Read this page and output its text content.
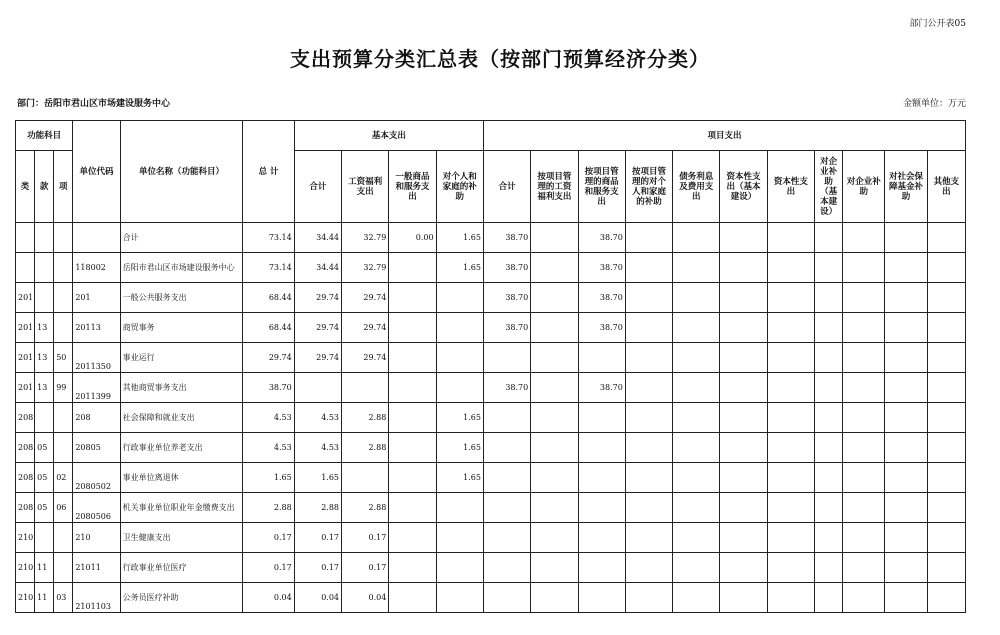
部门公开表05
支出预算分类汇总表（按部门预算经济分类）
部门：岳阳市君山区市场建设服务中心	金额单位：万元
功能科目			单位代码	单位名称（功能科目）	总 计	基本支出				项目支出										
类	款	项				合计	工资福利支出	一般商品和服务支出	对个人和家庭的补助	合计	按项目管理的工资福利支出	按项目管理的商品和服务支出	按项目管理的对个人和家庭的补助	债务利息及费用支出	资本性支出（基本建设）	资本性支出	对企业补助（基本建设）	对企业补助	对社会保障基金补助	其他支出
				合计	73.14	34.44	32.79	0.00	1.65	38.70		38.70								
			118002	岳阳市君山区市场建设服务中心	73.14	34.44	32.79		1.65	38.70		38.70								
201			201	一般公共服务支出	68.44	29.74	29.74			38.70		38.70								
201	13		20113	商贸事务	68.44	29.74	29.74			38.70		38.70								
201	13	50	2011350	事业运行	29.74	29.74	29.74													
201	13	99	2011399	其他商贸事务支出	38.70					38.70		38.70								
208			208	社会保障和就业支出	4.53	4.53	2.88		1.65											
208	05		20805	行政事业单位养老支出	4.53	4.53	2.88		1.65											
208	05	02	2080502	事业单位离退休	1.65	1.65			1.65											
208	05	06	2080506	机关事业单位职业年金缴费支出	2.88	2.88	2.88													
210			210	卫生健康支出	0.17	0.17	0.17													
210	11		21011	行政事业单位医疗	0.17	0.17	0.17													
210	11	03	2101103	公务员医疗补助	0.04	0.04	0.04													
